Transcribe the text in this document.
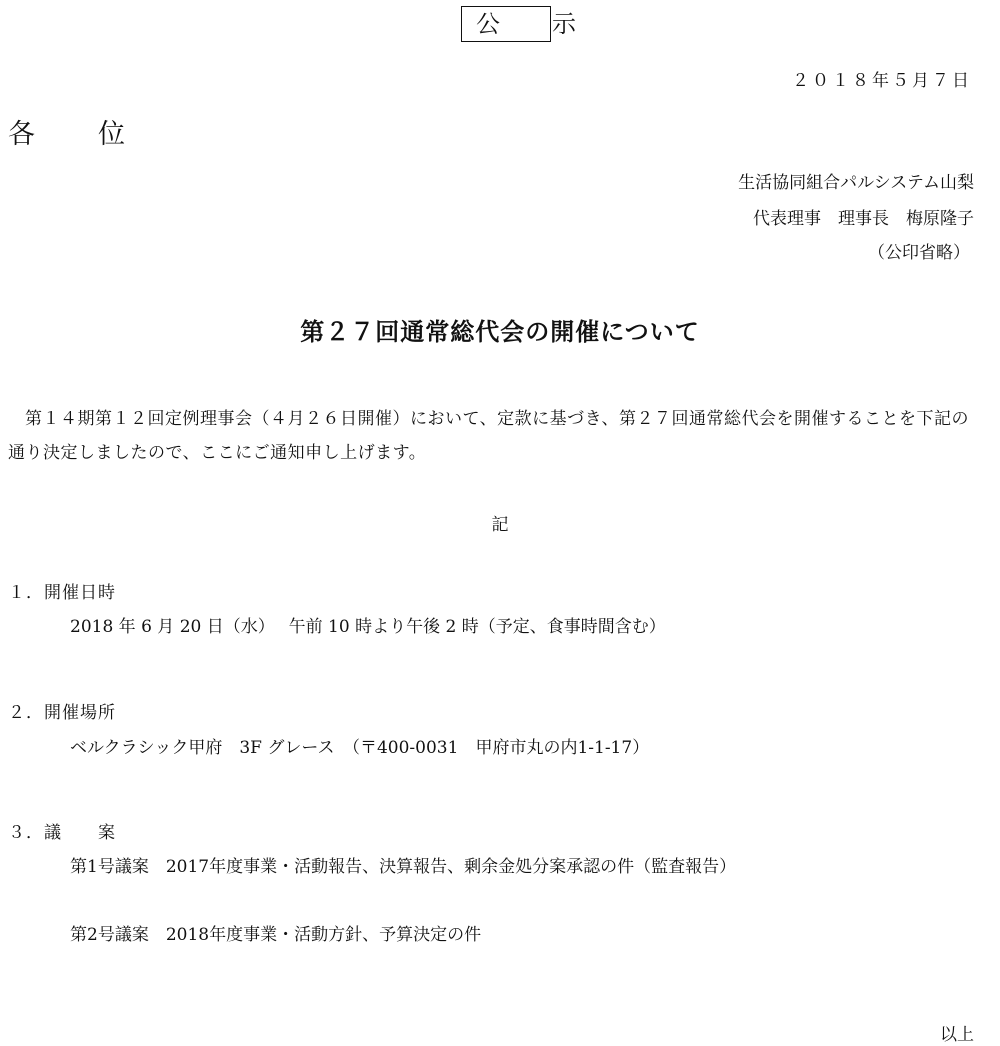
公　示
２０１８年５月７日
各　位
生活協同組合パルシステム山梨
代表理事　理事長　梅原隆子
（公印省略）
第２７回通常総代会の開催について
第１４期第１２回定例理事会（４月２６日開催）において、定款に基づき、第２７回通常総代会を開催することを下記の通り決定しましたので、ここにご通知申し上げます。
記
１．開催日時
2018 年 6 月 20 日（水）　 午前 10 時より午後 2 時（予定、食事時間含む）
２．開催場所
ベルクラシック甲府　3F グレース　（〒400-0031　甲府市丸の内1-1-17）
３．議　　案
第1号議案　2017年度事業・活動報告、決算報告、剰余金処分案承認の件（監査報告）
第2号議案　2018年度事業・活動方針、予算決定の件
以上
